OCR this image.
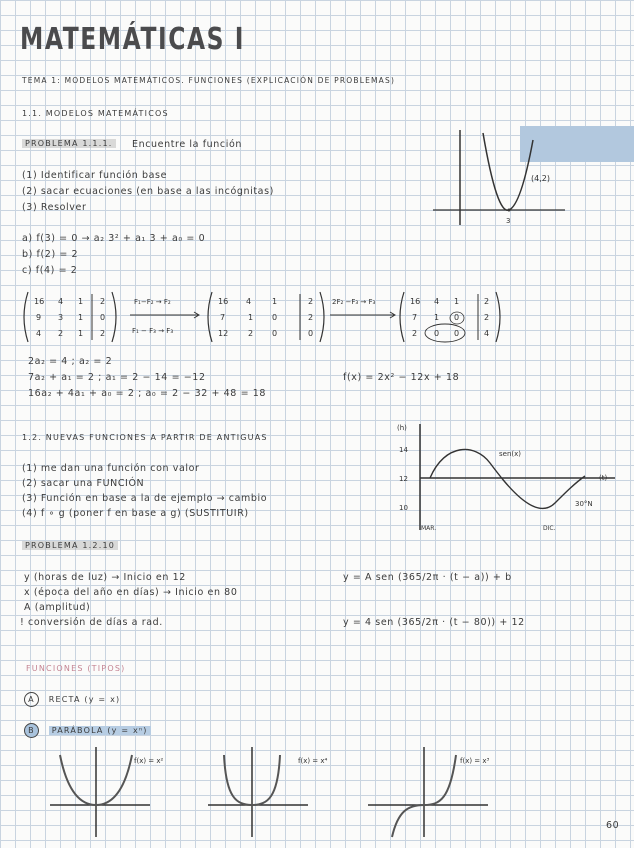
MATEMÁTICAS I
TEMA 1: MODELOS MATEMÁTICOS. FUNCIONES (EXPLICACIÓN DE PROBLEMAS)
1.1. MODELOS MATEMÁTICOS
PROBLEMA 1.1.1.	Encuentre la función
(1) Identificar función base
(2) sacar ecuaciones (en base a las incógnitas)
(3) Resolver
a) f(3) = 0 → a₂ 3² + a₁ 3 + a₀ = 0
b) f(2) = 2
c) f(4) = 2
(4,2)
3
16 4 1 2
9 3 1 0
4 2 1 2
F₁−F₂ → F₂
F₁ − F₃ → F₃
16 4	1	2
7	1 0	2
12 2 0	0
2F₂ −F₃ → F₃	16 4 1	2
7 1 0	2
2 0 0	4
2a₂ = 4 ; a₂ = 2
7a₂ + a₁ = 2 ; a₁ = 2 − 14 = −12
16a₂ + 4a₁ + a₀ = 2 ; a₀ = 2 − 32 + 48 = 18
f(x) = 2x² − 12x + 18
1.2. NUEVAS FUNCIONES A PARTIR DE ANTIGUAS
(1) me dan una función con valor
(2) sacar una FUNCIÓN
(3) Función en base a la de ejemplo → cambio
(4) f ∘ g (poner f en base a g) (SUSTITUIR)
(h)
(t)
14
12
10
sen(x)
30°N
MAR.	DIC.
PROBLEMA 1.2.10
y (horas de luz) → Inicio en 12
x (época del año en días) → Inicio en 80
A (amplitud)
! conversión de días a rad.
y = A sen (365/2π · (t − a)) + b
y = 4 sen (365/2π · (t − 80)) + 12
FUNCIONES (TIPOS)
A RECTA (y = x)
B PARÁBOLA (y = xⁿ)
f(x) = x²	f(x) = x⁴	f(x) = x³
60
